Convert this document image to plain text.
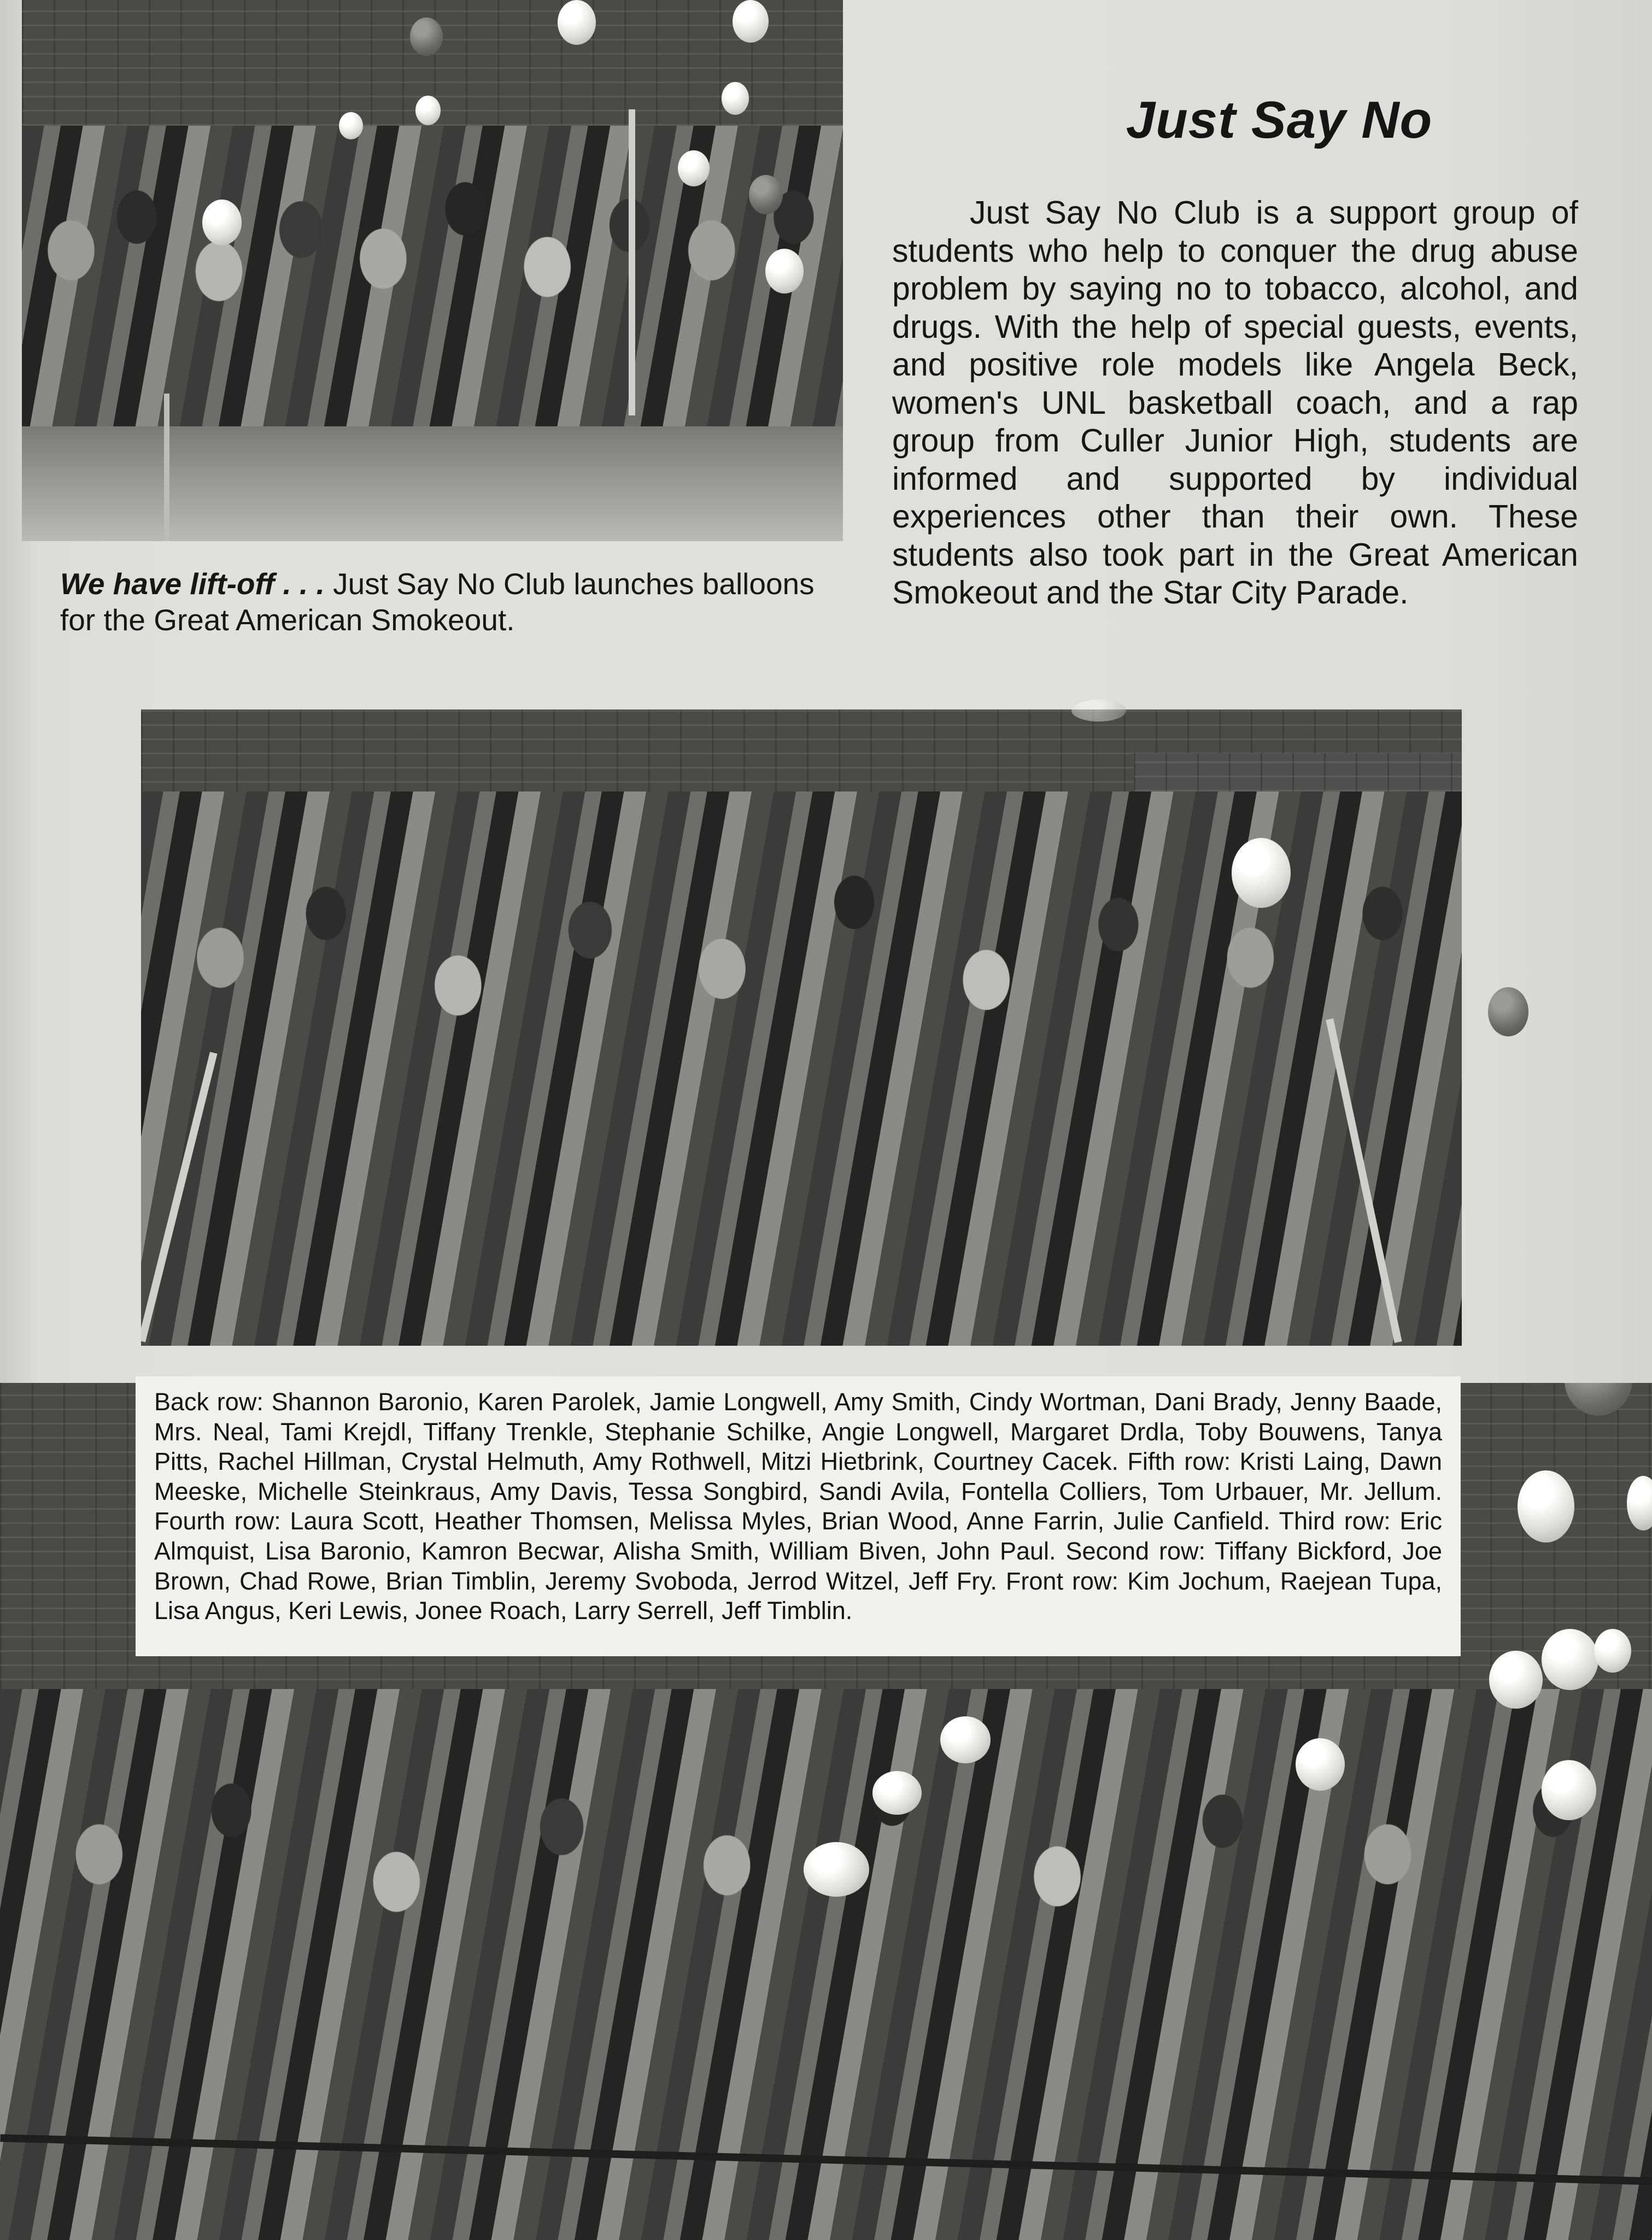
Just Say No

Just Say No Club is a support group of students who help to conquer the drug abuse problem by saying no to tobacco, alcohol, and drugs. With the help of special guests, events, and positive role models like Angela Beck, women's UNL basketball coach, and a rap group from Culler Junior High, students are informed and supported by individual experiences other than their own. These students also took part in the Great American Smokeout and the Star City Parade.

We have lift-off . . . Just Say No Club launches balloons for the Great American Smokeout.

Back row: Shannon Baronio, Karen Parolek, Jamie Longwell, Amy Smith, Cindy Wortman, Dani Brady, Jenny Baade, Mrs. Neal, Tami Krejdl, Tiffany Trenkle, Stephanie Schilke, Angie Longwell, Margaret Drdla, Toby Bouwens, Tanya Pitts, Rachel Hillman, Crystal Helmuth, Amy Rothwell, Mitzi Hietbrink, Courtney Cacek. Fifth row: Kristi Laing, Dawn Meeske, Michelle Steinkraus, Amy Davis, Tessa Songbird, Sandi Avila, Fontella Colliers, Tom Urbauer, Mr. Jellum. Fourth row: Laura Scott, Heather Thomsen, Melissa Myles, Brian Wood, Anne Farrin, Julie Canfield. Third row: Eric Almquist, Lisa Baronio, Kamron Becwar, Alisha Smith, William Biven, John Paul. Second row: Tiffany Bickford, Joe Brown, Chad Rowe, Brian Timblin, Jeremy Svoboda, Jerrod Witzel, Jeff Fry. Front row: Kim Jochum, Raejean Tupa, Lisa Angus, Keri Lewis, Jonee Roach, Larry Serrell, Jeff Timblin.
